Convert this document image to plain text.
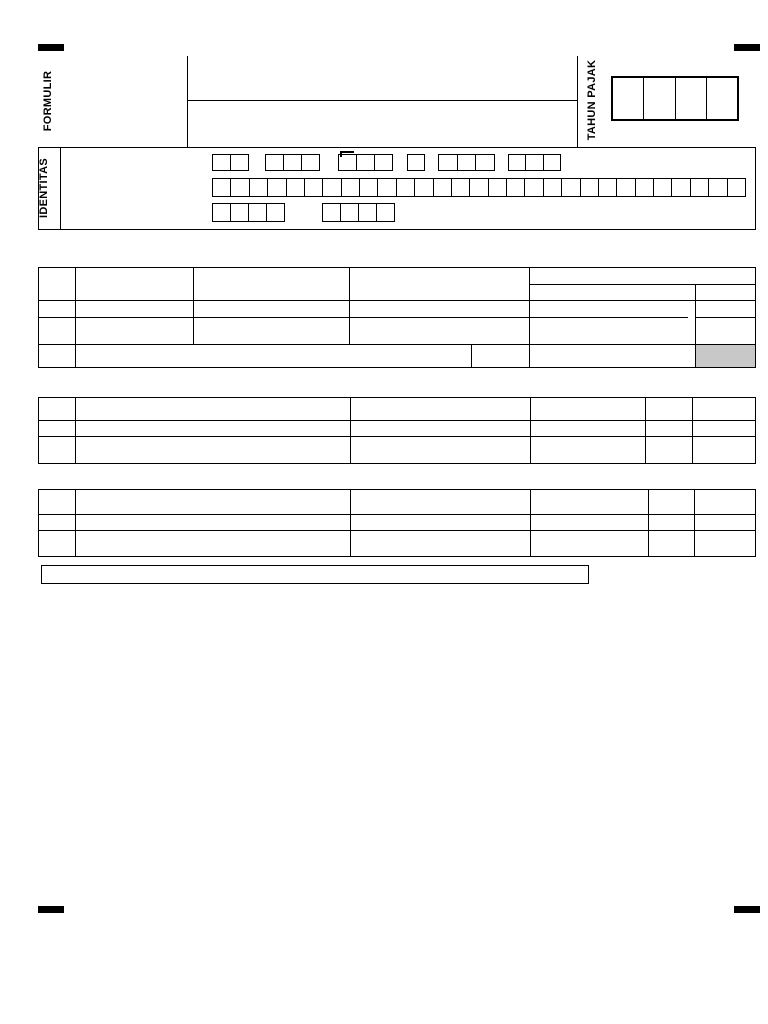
FORMULIR	TAHUN PAJAK
IDENTITAS
